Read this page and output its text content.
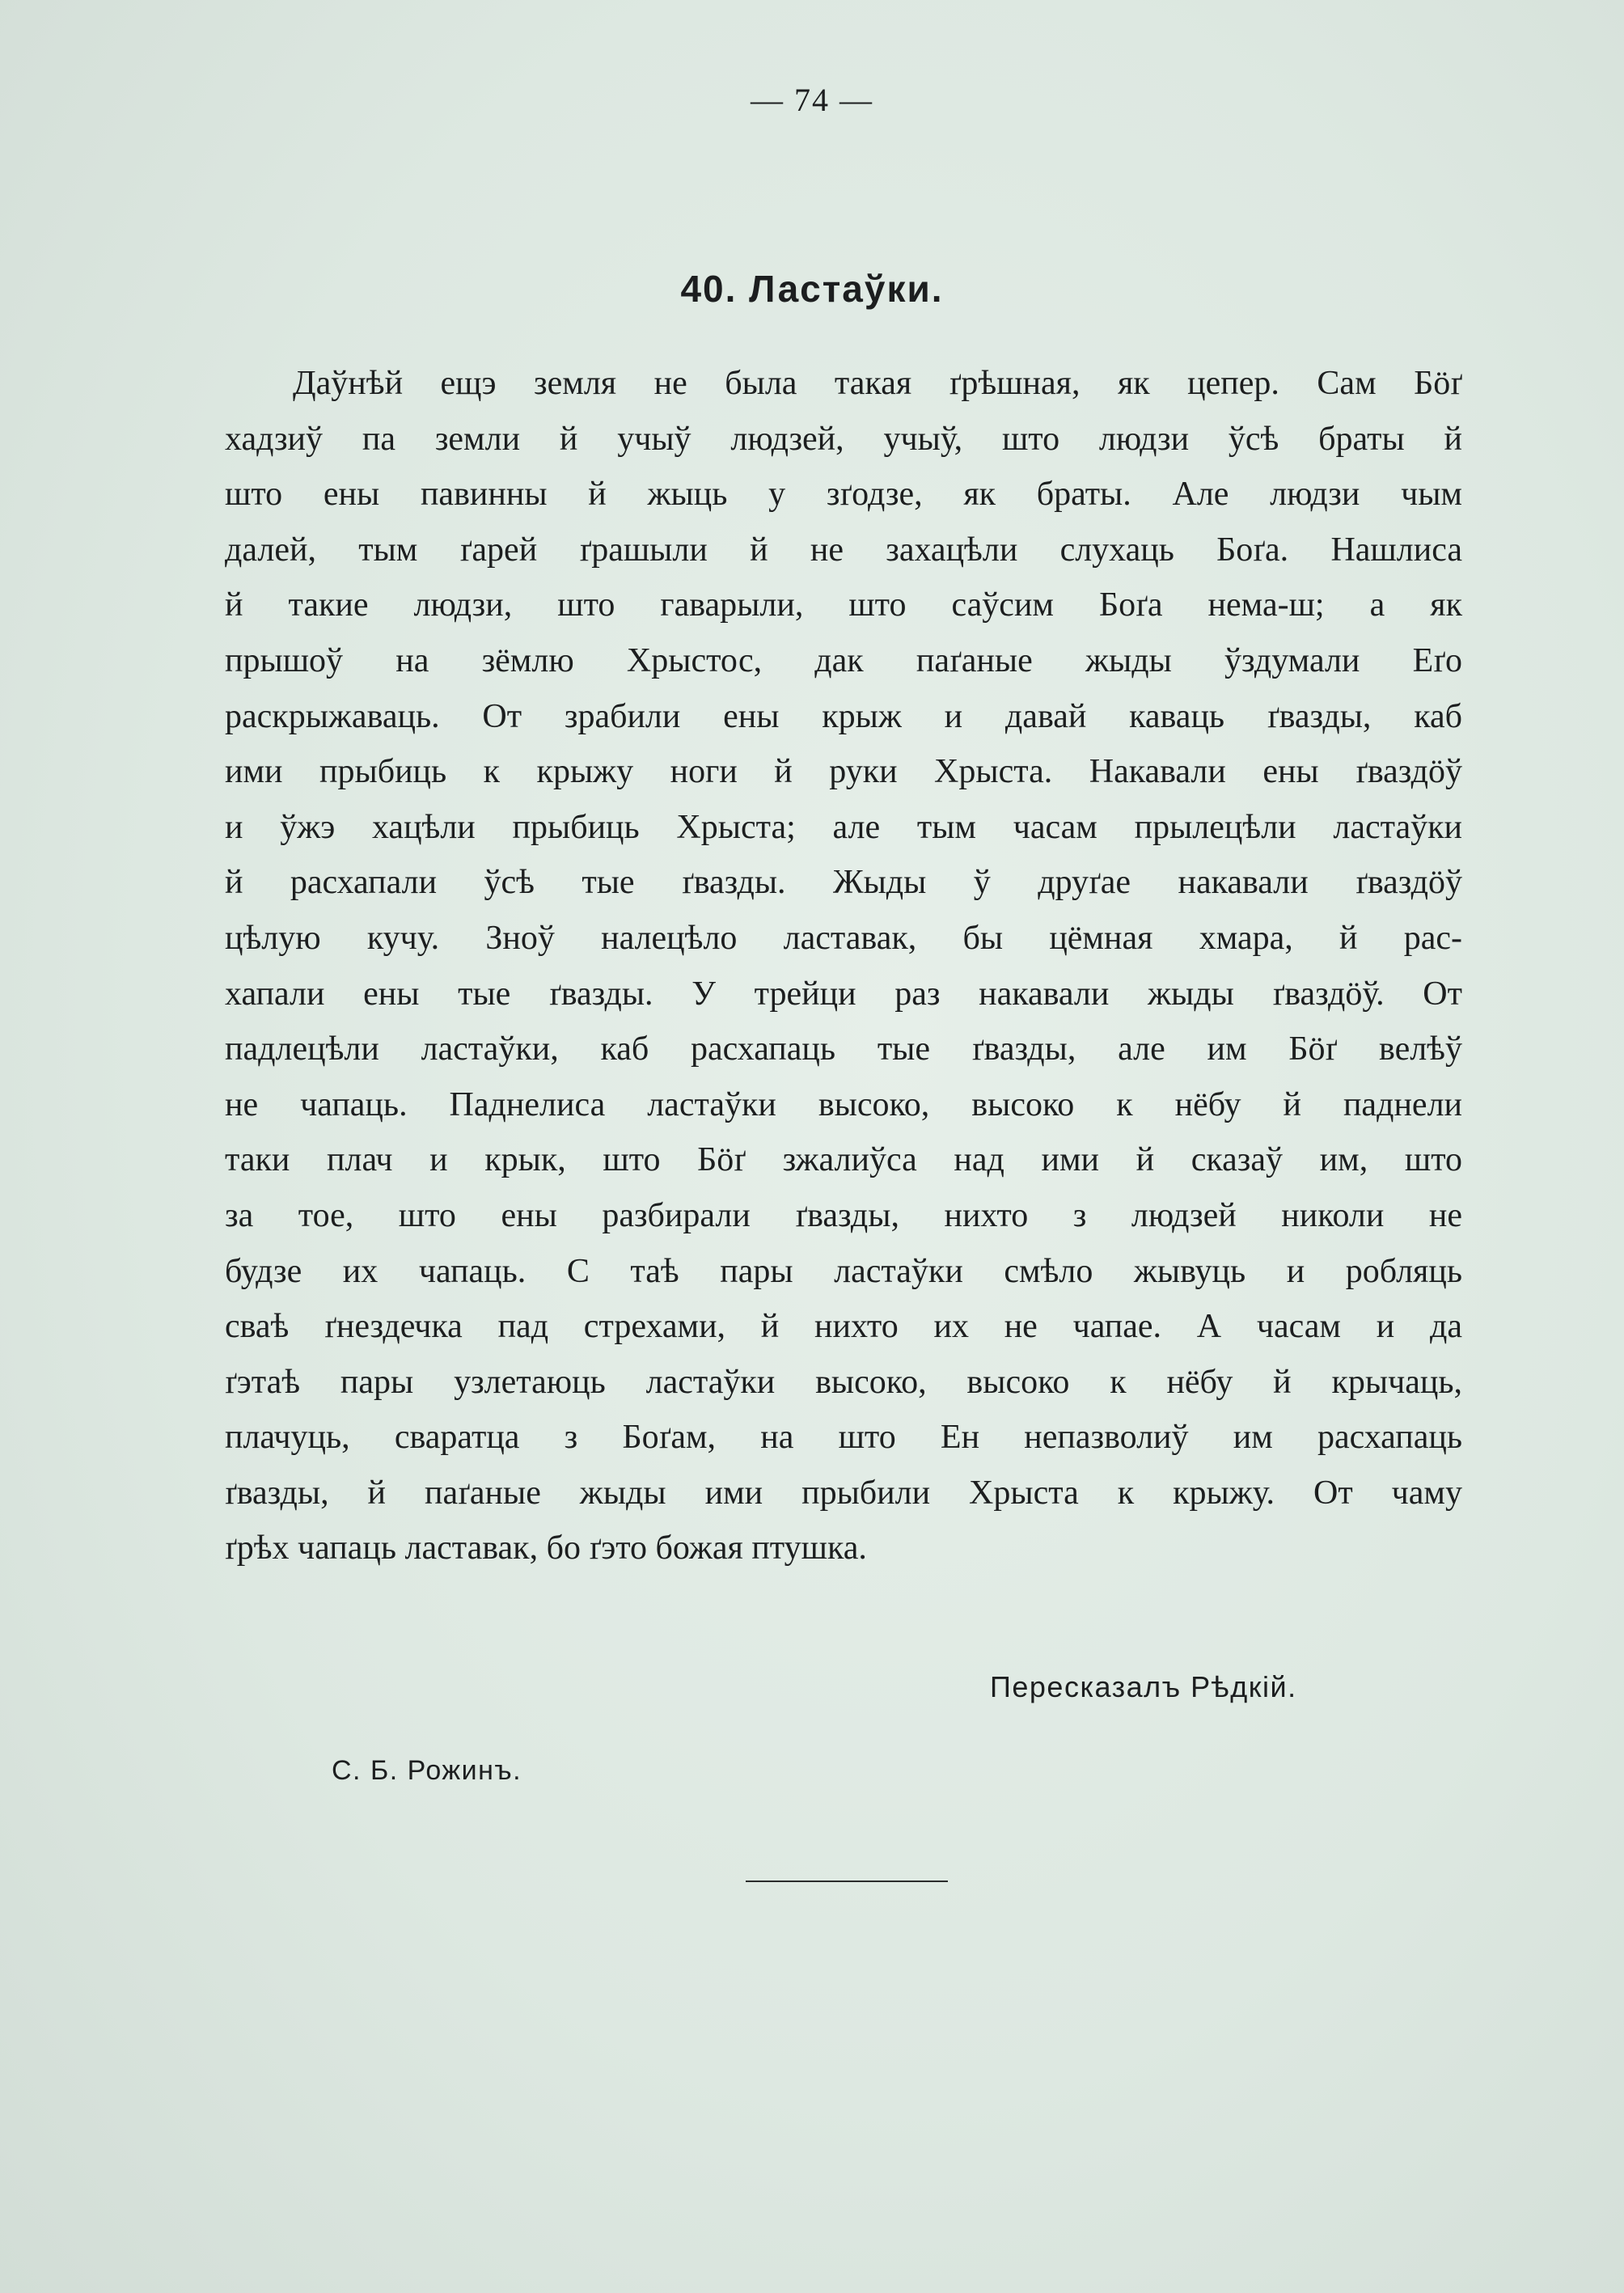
— 74 —
40. Ластаўки.
Даўнѣй ещэ земля не была такая ґрѣшная, як цепер. Сам Бӧґ
хадзиў па земли й учыў людзей, учыў, што людзи ўсѣ браты й
што ены павинны й жыць у зґодзе, як браты. Але людзи чым
далей, тым ґарей ґрашыли й не захацѣли слухаць Боґа. Нашлиса
й такие людзи, што гаварыли, што саўсим Боґа нема-ш; а як
прышоў на зёмлю Хрыстос, дак паґаные жыды ўздумали Еґо
раскрыжаваць. От зрабили ены крыж и давай каваць ґвазды, каб
ими прыбиць к крыжу ноги й руки Хрыста. Накавали ены ґваздӧў
и ўжэ хацѣли прыбиць Хрыста; але тым часам прылецѣли ластаўки
й расхапали ўсѣ тые ґвазды. Жыды ў друґае накавали ґваздӧў
цѣлую кучу. Зноў налецѣло ластавак, бы цёмная хмара, й рас-
хапали ены тые ґвазды. У трейци раз накавали жыды ґваздӧў. От
падлецѣли ластаўки, каб расхапаць тые ґвазды, але им Бӧґ велѣў
не чапаць. Паднелиса ластаўки высоко, высоко к нёбу й паднели
таки плач и крык, што Бӧґ зжалиўса над ими й сказаў им, што
за тое, што ены разбирали ґвазды, нихто з людзей николи не
будзе их чапаць. С таѣ пары ластаўки смѣло жывуць и робляць
сваѣ ґнездечка пад стрехами, й нихто их не чапае. А часам и да
ґэтаѣ пары узлетаюць ластаўки высоко, высоко к нёбу й крычаць,
плачуць, сваратца з Боґам, на што Ен непазволиў им расхапаць
ґвазды, й паґаные жыды ими прыбили Хрыста к крыжу. От чаму
ґрѣх чапаць ластавак, бо ґэто божая птушка.
Пересказалъ Рѣдкій.
С. Б. Рожинъ.
